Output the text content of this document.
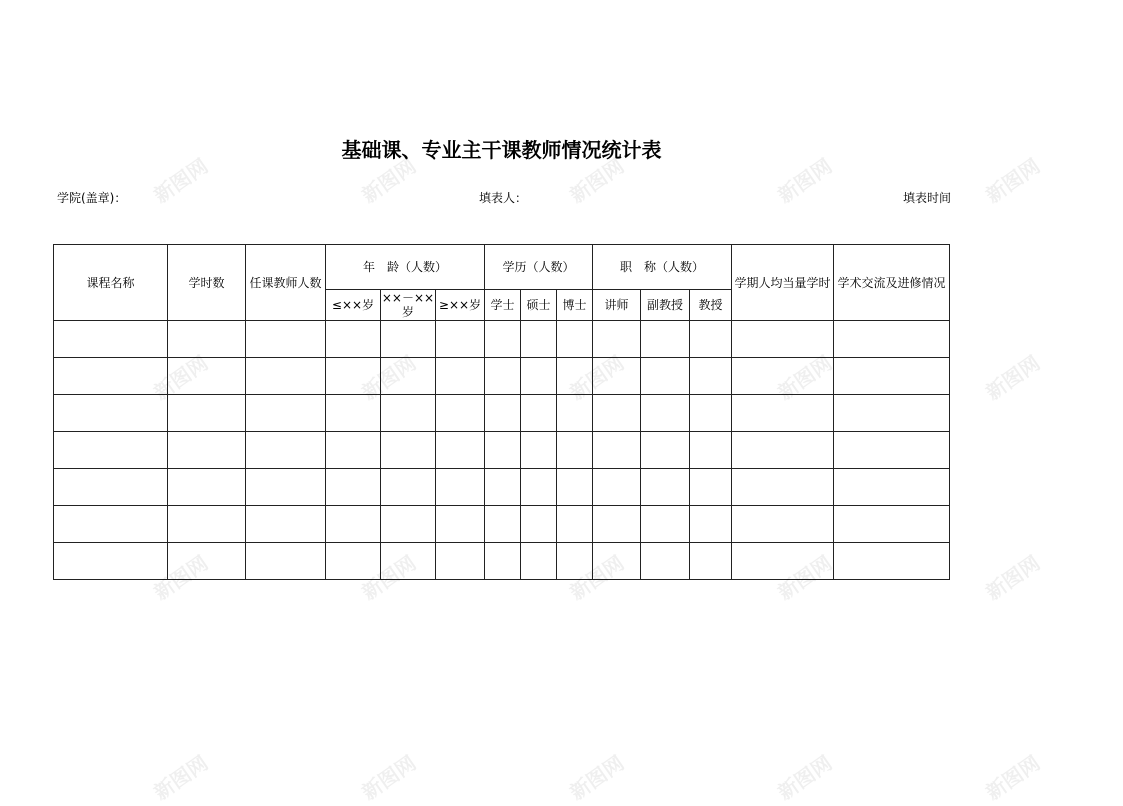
新图网	新图网	新图网	新图网	新图网
基础课、专业主干课教师情况统计表
学院(盖章)：	填表人：	填表时间
课程名称	学时数	任课教师人数	年　龄（人数）			学历（人数）			职　称（人数）			学期人均当量学时	学术交流及进修情况
			≤××岁	××－××岁	≥××岁	学士	硕士	博士	讲师	副教授	教授		

新图网	新图网	新图网	新图网	新图网
新图网	新图网	新图网	新图网	新图网
新图网	新图网	新图网	新图网	新图网
